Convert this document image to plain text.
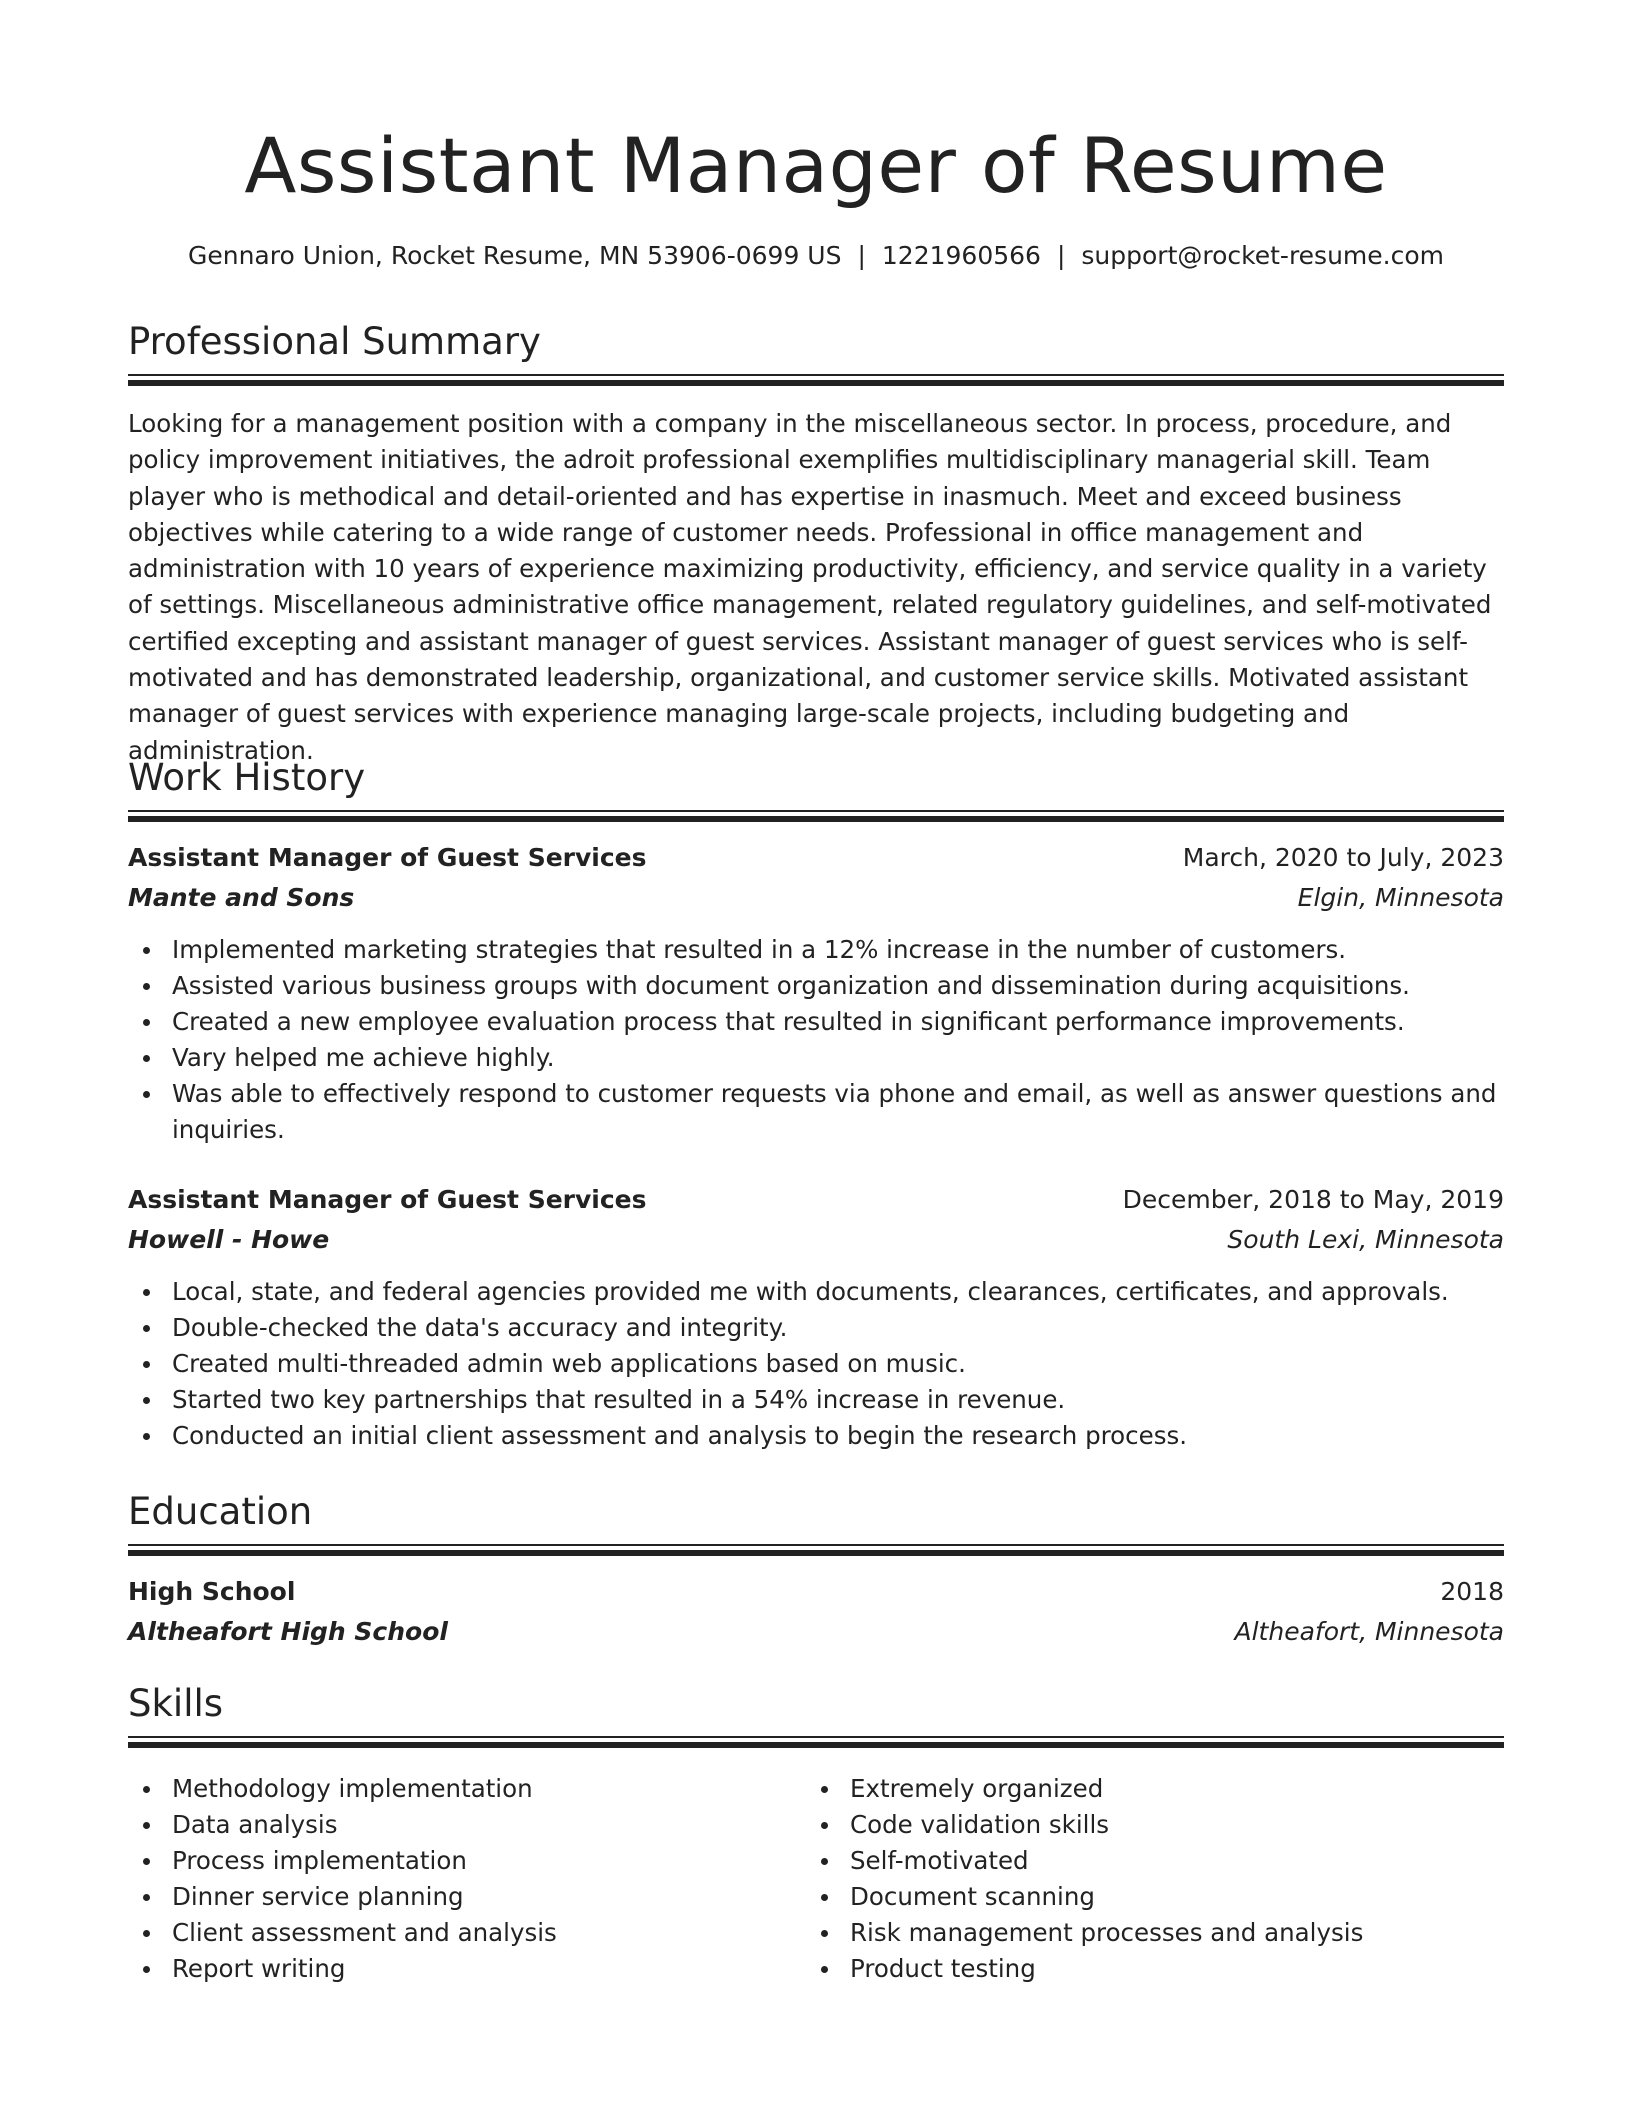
Assistant Manager of Resume
Gennaro Union, Rocket Resume, MN 53906-0699 US | 1221960566 | support@rocket-resume.com
Professional Summary
Looking for a management position with a company in the miscellaneous sector. In process, procedure, and policy improvement initiatives, the adroit professional exemplifies multidisciplinary managerial skill. Team player who is methodical and detail-oriented and has expertise in inasmuch. Meet and exceed business objectives while catering to a wide range of customer needs. Professional in office management and administration with 10 years of experience maximizing productivity, efficiency, and service quality in a variety of settings. Miscellaneous administrative office management, related regulatory guidelines, and self-motivated certified excepting and assistant manager of guest services. Assistant manager of guest services who is self-motivated and has demonstrated leadership, organizational, and customer service skills. Motivated assistant manager of guest services with experience managing large-scale projects, including budgeting and administration.
Work History
Assistant Manager of Guest Services	March, 2020 to July, 2023
Mante and Sons	Elgin, Minnesota
Implemented marketing strategies that resulted in a 12% increase in the number of customers.
Assisted various business groups with document organization and dissemination during acquisitions.
Created a new employee evaluation process that resulted in significant performance improvements.
Vary helped me achieve highly.
Was able to effectively respond to customer requests via phone and email, as well as answer questions and inquiries.
Assistant Manager of Guest Services	December, 2018 to May, 2019
Howell - Howe	South Lexi, Minnesota
Local, state, and federal agencies provided me with documents, clearances, certificates, and approvals.
Double-checked the data's accuracy and integrity.
Created multi-threaded admin web applications based on music.
Started two key partnerships that resulted in a 54% increase in revenue.
Conducted an initial client assessment and analysis to begin the research process.
Education
High School	2018
Altheafort High School	Altheafort, Minnesota
Skills
Methodology implementation
Data analysis
Process implementation
Dinner service planning
Client assessment and analysis
Report writing
Extremely organized
Code validation skills
Self-motivated
Document scanning
Risk management processes and analysis
Product testing
